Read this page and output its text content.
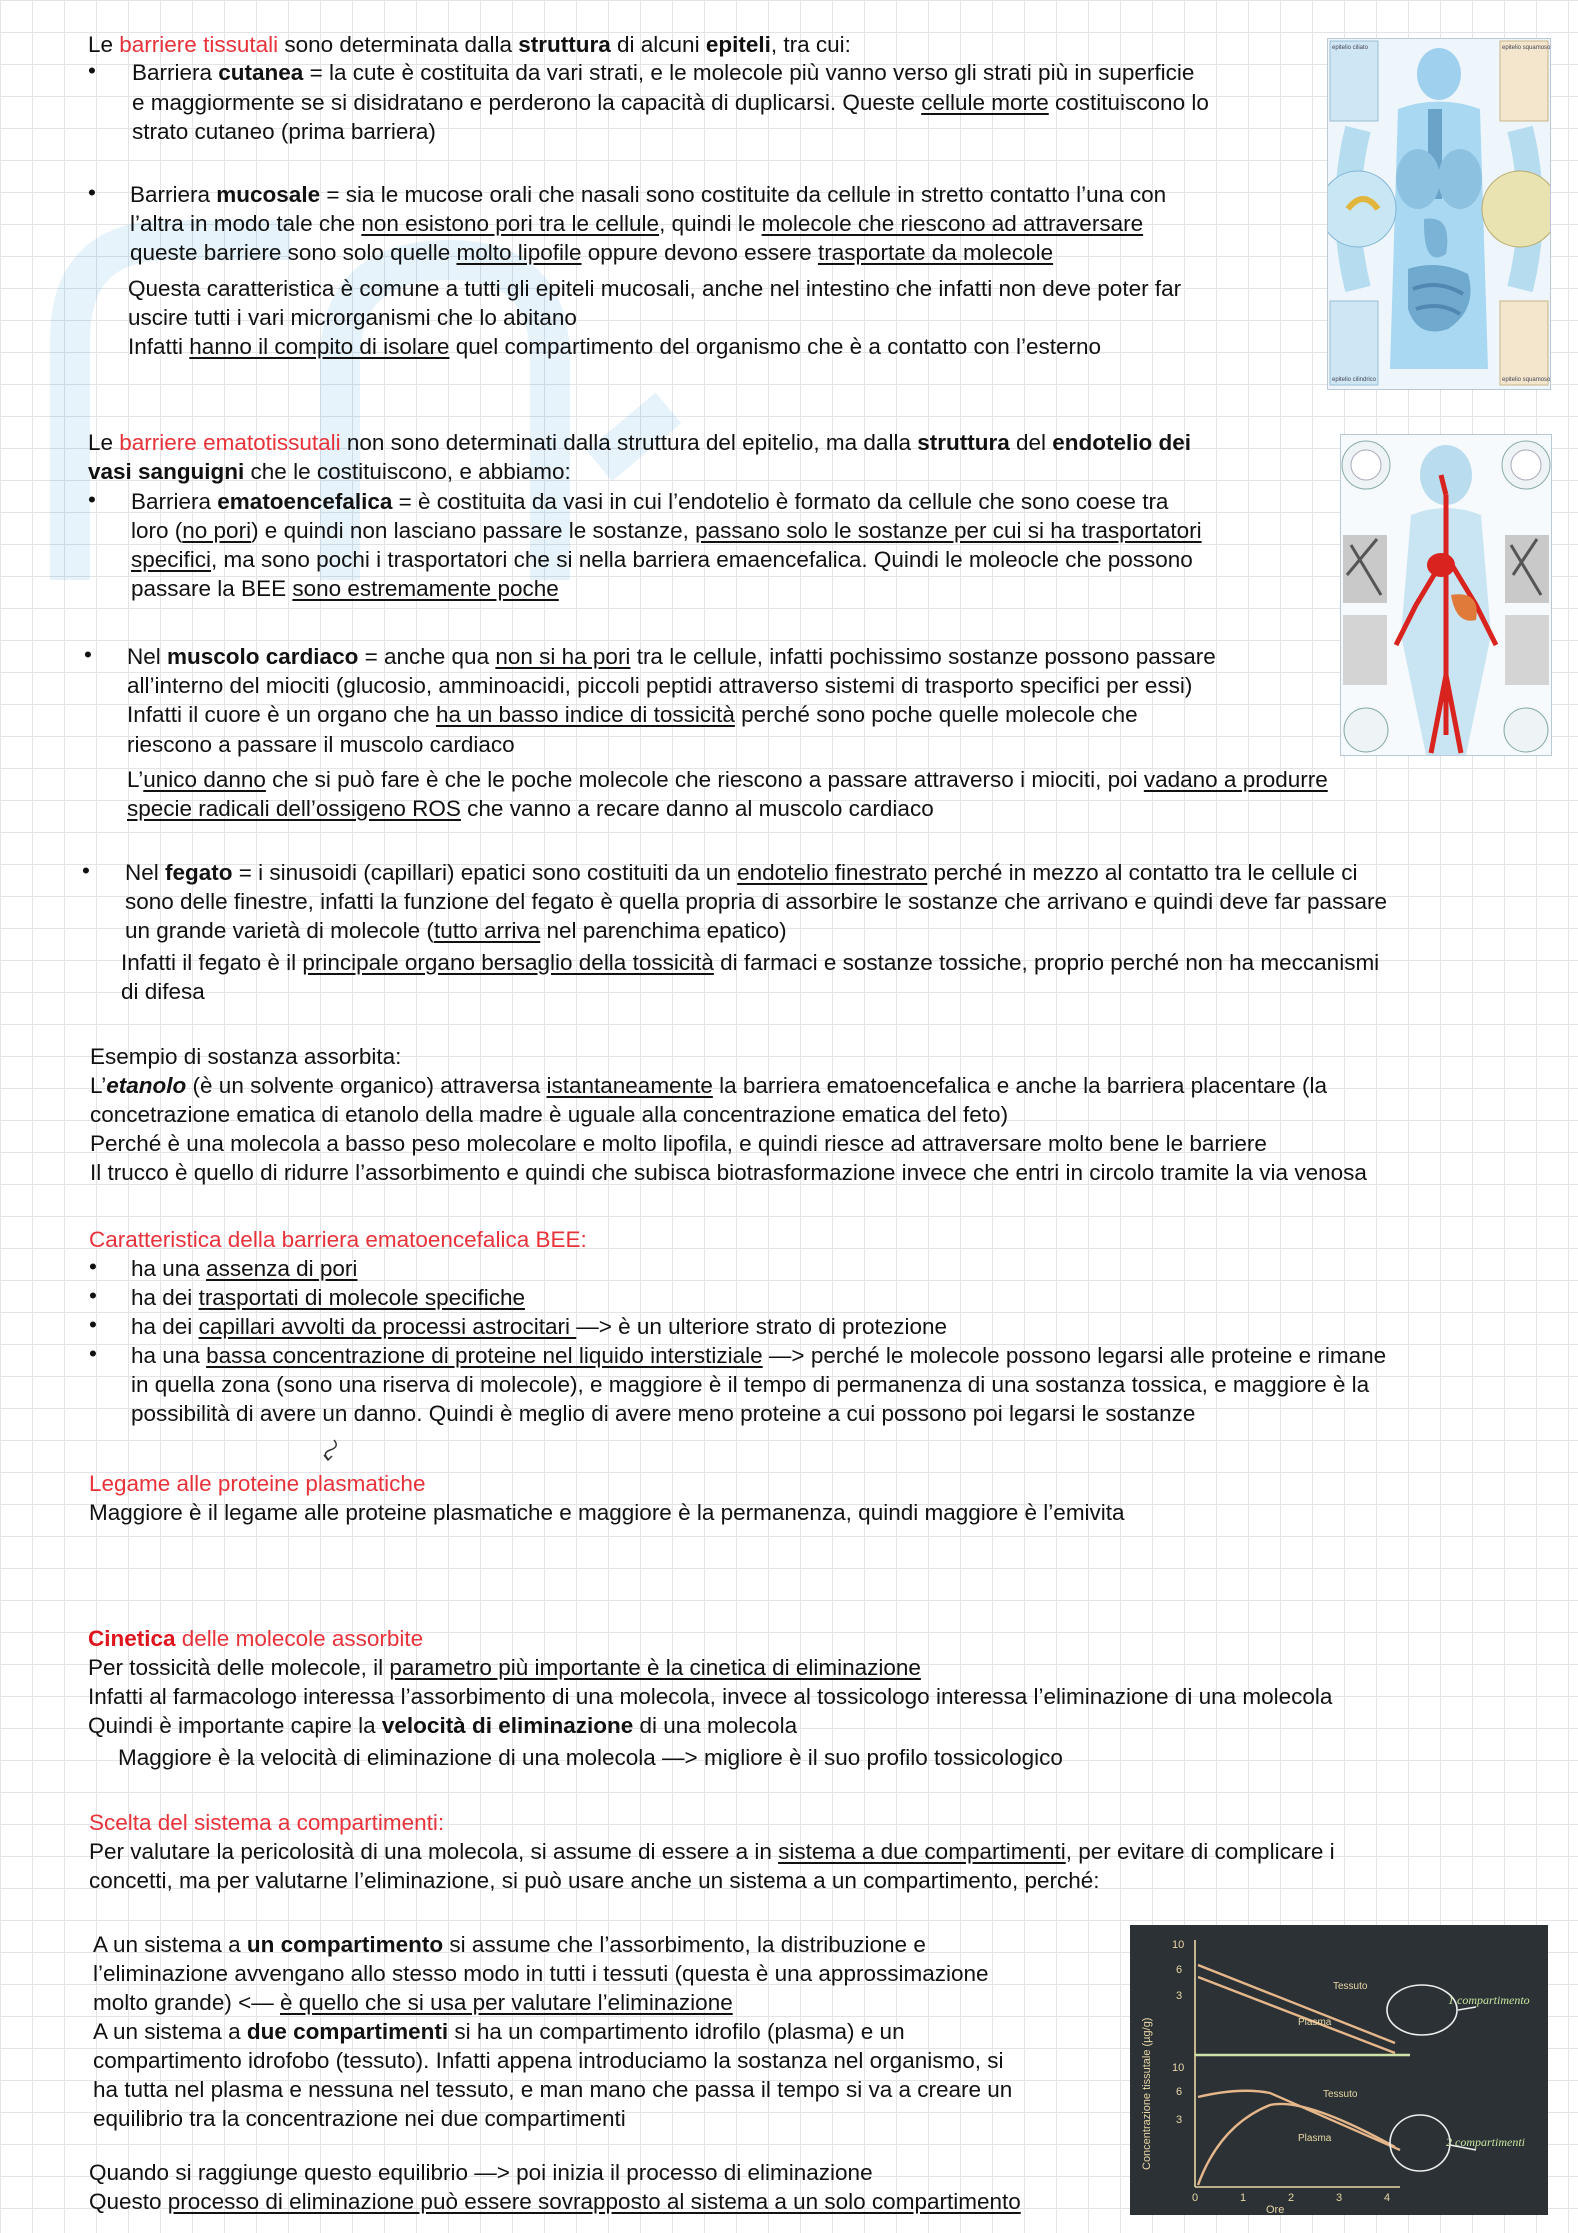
Le barriere tissutali sono determinata dalla struttura di alcuni epiteli, tra cui:
• Barriera cutanea = la cute è costituita da vari strati, e le molecole più vanno verso gli strati più in superficie
e maggiormente se si disidratano e perderono la capacità di duplicarsi. Queste cellule morte costituiscono lo
strato cutaneo (prima barriera)
• Barriera mucosale = sia le mucose orali che nasali sono costituite da cellule in stretto contatto l’una con
l’altra in modo tale che non esistono pori tra le cellule, quindi le molecole che riescono ad attraversare
queste barriere sono solo quelle molto lipofile oppure devono essere trasportate da molecole
Questa caratteristica è comune a tutti gli epiteli mucosali, anche nel intestino che infatti non deve poter far
uscire tutti i vari microrganismi che lo abitano
Infatti hanno il compito di isolare quel compartimento del organismo che è a contatto con l’esterno
epitelio ciliato	epitelio squamoso
epitelio cilindrico	epitelio squamoso
Le barriere ematotissutali non sono determinati dalla struttura del epitelio, ma dalla struttura del endotelio dei
vasi sanguigni che le costituiscono, e abbiamo:
• Barriera ematoencefalica = è costituita da vasi in cui l’endotelio è formato da cellule che sono coese tra
loro (no pori) e quindi non lasciano passare le sostanze, passano solo le sostanze per cui si ha trasportatori
specifici, ma sono pochi i trasportatori che si nella barriera emaencefalica. Quindi le moleocle che possono
passare la BEE sono estremamente poche
• Nel muscolo cardiaco = anche qua non si ha pori tra le cellule, infatti pochissimo sostanze possono passare
all’interno del miociti (glucosio, amminoacidi, piccoli peptidi attraverso sistemi di trasporto specifici per essi)
Infatti il cuore è un organo che ha un basso indice di tossicità perché sono poche quelle molecole che
riescono a passare il muscolo cardiaco
L’unico danno che si può fare è che le poche molecole che riescono a passare attraverso i miociti, poi vadano a produrre
specie radicali dell’ossigeno ROS che vanno a recare danno al muscolo cardiaco
• Nel fegato = i sinusoidi (capillari) epatici sono costituiti da un endotelio finestrato perché in mezzo al contatto tra le cellule ci
sono delle finestre, infatti la funzione del fegato è quella propria di assorbire le sostanze che arrivano e quindi deve far passare
un grande varietà di molecole (tutto arriva nel parenchima epatico)
Infatti il fegato è il principale organo bersaglio della tossicità di farmaci e sostanze tossiche, proprio perché non ha meccanismi
di difesa
Esempio di sostanza assorbita:
L’etanolo (è un solvente organico) attraversa istantaneamente la barriera ematoencefalica e anche la barriera placentare (la
concetrazione ematica di etanolo della madre è uguale alla concentrazione ematica del feto)
Perché è una molecola a basso peso molecolare e molto lipofila, e quindi riesce ad attraversare molto bene le barriere
Il trucco è quello di ridurre l’assorbimento e quindi che subisca biotrasformazione invece che entri in circolo tramite la via venosa
Caratteristica della barriera ematoencefalica BEE:
• ha una assenza di pori
• ha dei trasportati di molecole specifiche
• ha dei capillari avvolti da processi astrocitari —> è un ulteriore strato di protezione
• ha una bassa concentrazione di proteine nel liquido interstiziale —> perché le molecole possono legarsi alle proteine e rimane
in quella zona (sono una riserva di molecole), e maggiore è il tempo di permanenza di una sostanza tossica, e maggiore è la
possibilità di avere un danno. Quindi è meglio di avere meno proteine a cui possono poi legarsi le sostanze
Legame alle proteine plasmatiche
Maggiore è il legame alle proteine plasmatiche e maggiore è la permanenza, quindi maggiore è l’emivita
Cinetica delle molecole assorbite
Per tossicità delle molecole, il parametro più importante è la cinetica di eliminazione
Infatti al farmacologo interessa l’assorbimento di una molecola, invece al tossicologo interessa l’eliminazione di una molecola
Quindi è importante capire la velocità di eliminazione di una molecola
Maggiore è la velocità di eliminazione di una molecola —> migliore è il suo profilo tossicologico
Scelta del sistema a compartimenti:
Per valutare la pericolosità di una molecola, si assume di essere a in sistema a due compartimenti, per evitare di complicare i
concetti, ma per valutarne l’eliminazione, si può usare anche un sistema a un compartimento, perché:
A un sistema a un compartimento si assume che l’assorbimento, la distribuzione e
l’eliminazione avvengano allo stesso modo in tutti i tessuti (questa è una approssimazione
molto grande) <— è quello che si usa per valutare l’eliminazione
A un sistema a due compartimenti si ha un compartimento idrofilo (plasma) e un
compartimento idrofobo (tessuto). Infatti appena introduciamo la sostanza nel organismo, si
ha tutta nel plasma e nessuna nel tessuto, e man mano che passa il tempo si va a creare un
equilibrio tra la concentrazione nei due compartimenti
Quando si raggiunge questo equilibrio —> poi inizia il processo di eliminazione
Questo processo di eliminazione può essere sovrapposto al sistema a un solo compartimento
Concentrazione tissutale (µg/g)
10
6
3
10
6
3
0	1	2	3	4
Ore
Tessuto
Plasma
Tessuto
Plasma
1 compartimento
2 compartimenti
